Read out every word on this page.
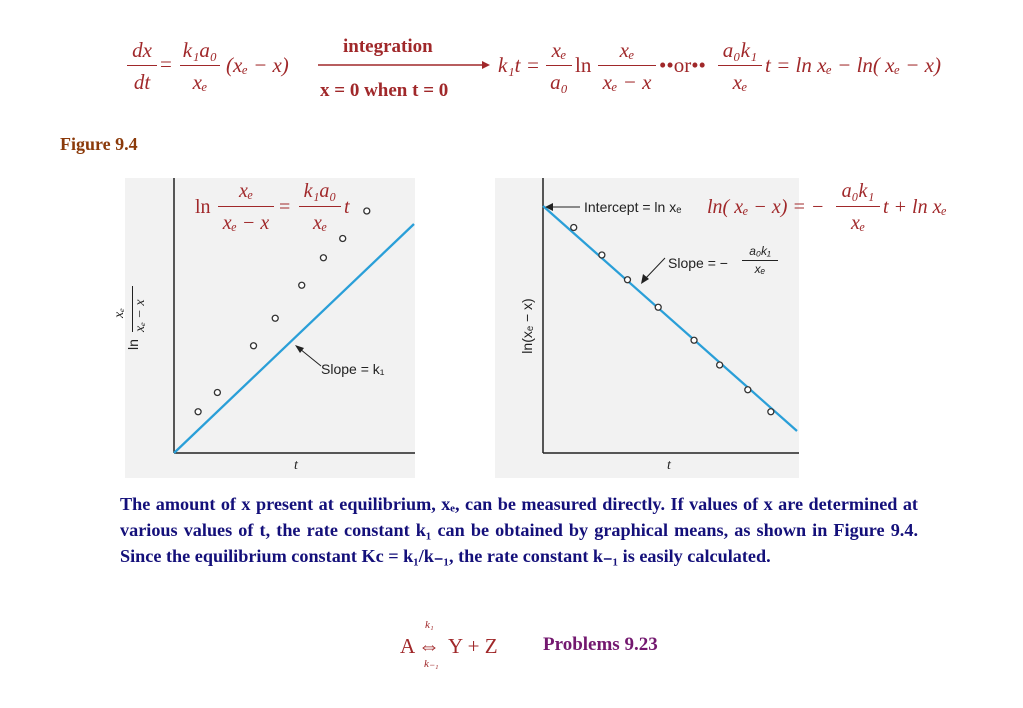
dx
dt
=
k₁a₀
xₑ
(xₑ − x)
integration
x = 0 when t = 0
k₁t =
xₑ
a₀
ln
xₑ
xₑ − x
••or••
a₀k₁
xₑ
t = ln xₑ − ln( xₑ − x)
Figure 9.4
ln
xₑ
xₑ − x
=
k₁a₀
xₑ
t
ln
xₑ xₑ − x
t
Slope = k₁
ln( xₑ − x) = −
a₀k₁
xₑ
t + ln xₑ
Intercept = ln xₑ
Slope = −
a₀k₁
xₑ
ln(xₑ − x)
t
The amount of x present at equilibrium, xₑ, can be measured directly. If values of x are determined at various values of t, the rate constant k₁ can be obtained by graphical means, as shown in Figure 9.4. Since the equilibrium constant Kc = k₁/k₋₁, the rate constant k₋₁ is easily calculated.
A
k₁
⇔
k₋₁
Y + Z Problems 9.23
